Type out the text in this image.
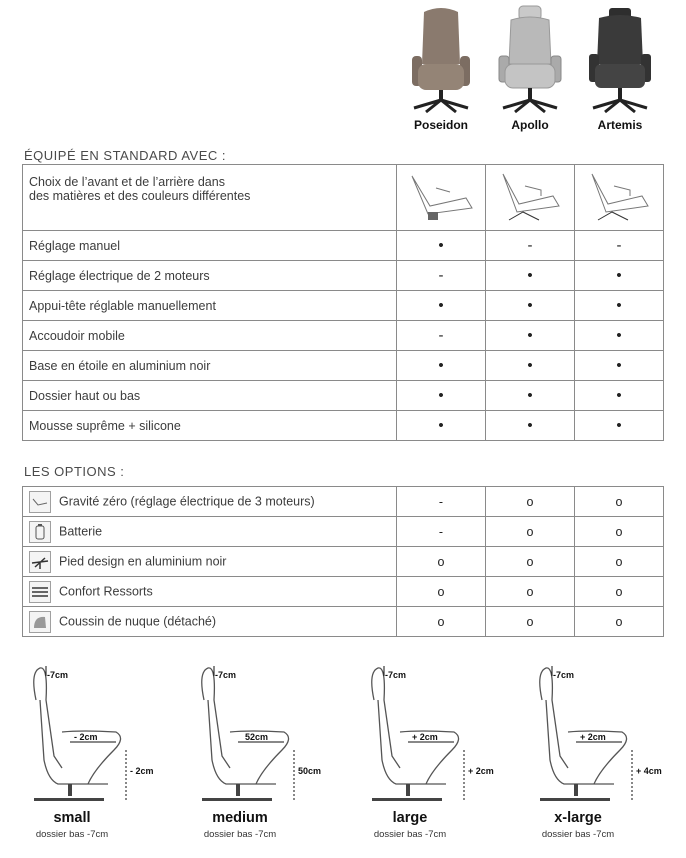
Poseidon	Apollo	Artemis
ÉQUIPÉ EN STANDARD AVEC :
Choix de l’avant et de l’arrière dans
des matières et des couleurs différentes			
Réglage manuel	•	-	-
Réglage électrique de 2 moteurs	-	•	•
Appui-tête réglable manuellement	•	•	•
Accoudoir mobile	-	•	•
Base en étoile en aluminium noir	•	•	•
Dossier haut ou bas	•	•	•
Mousse suprême + silicone	•	•	•
LES OPTIONS :
Gravité zéro (réglage électrique de 3 moteurs)	-	o	o

Batterie	-	o	o

Pied design en aluminium noir	o	o	o

Confort Ressorts	o	o	o

Coussin de nuque (détaché)	o	o	o
-7cm
- 2cm
- 2cm
small
dossier bas -7cm
-7cm
52cm
50cm
medium
dossier bas -7cm
-7cm
+ 2cm
+ 2cm
large
dossier bas -7cm
-7cm
+ 2cm
+ 4cm
x-large
dossier bas -7cm
